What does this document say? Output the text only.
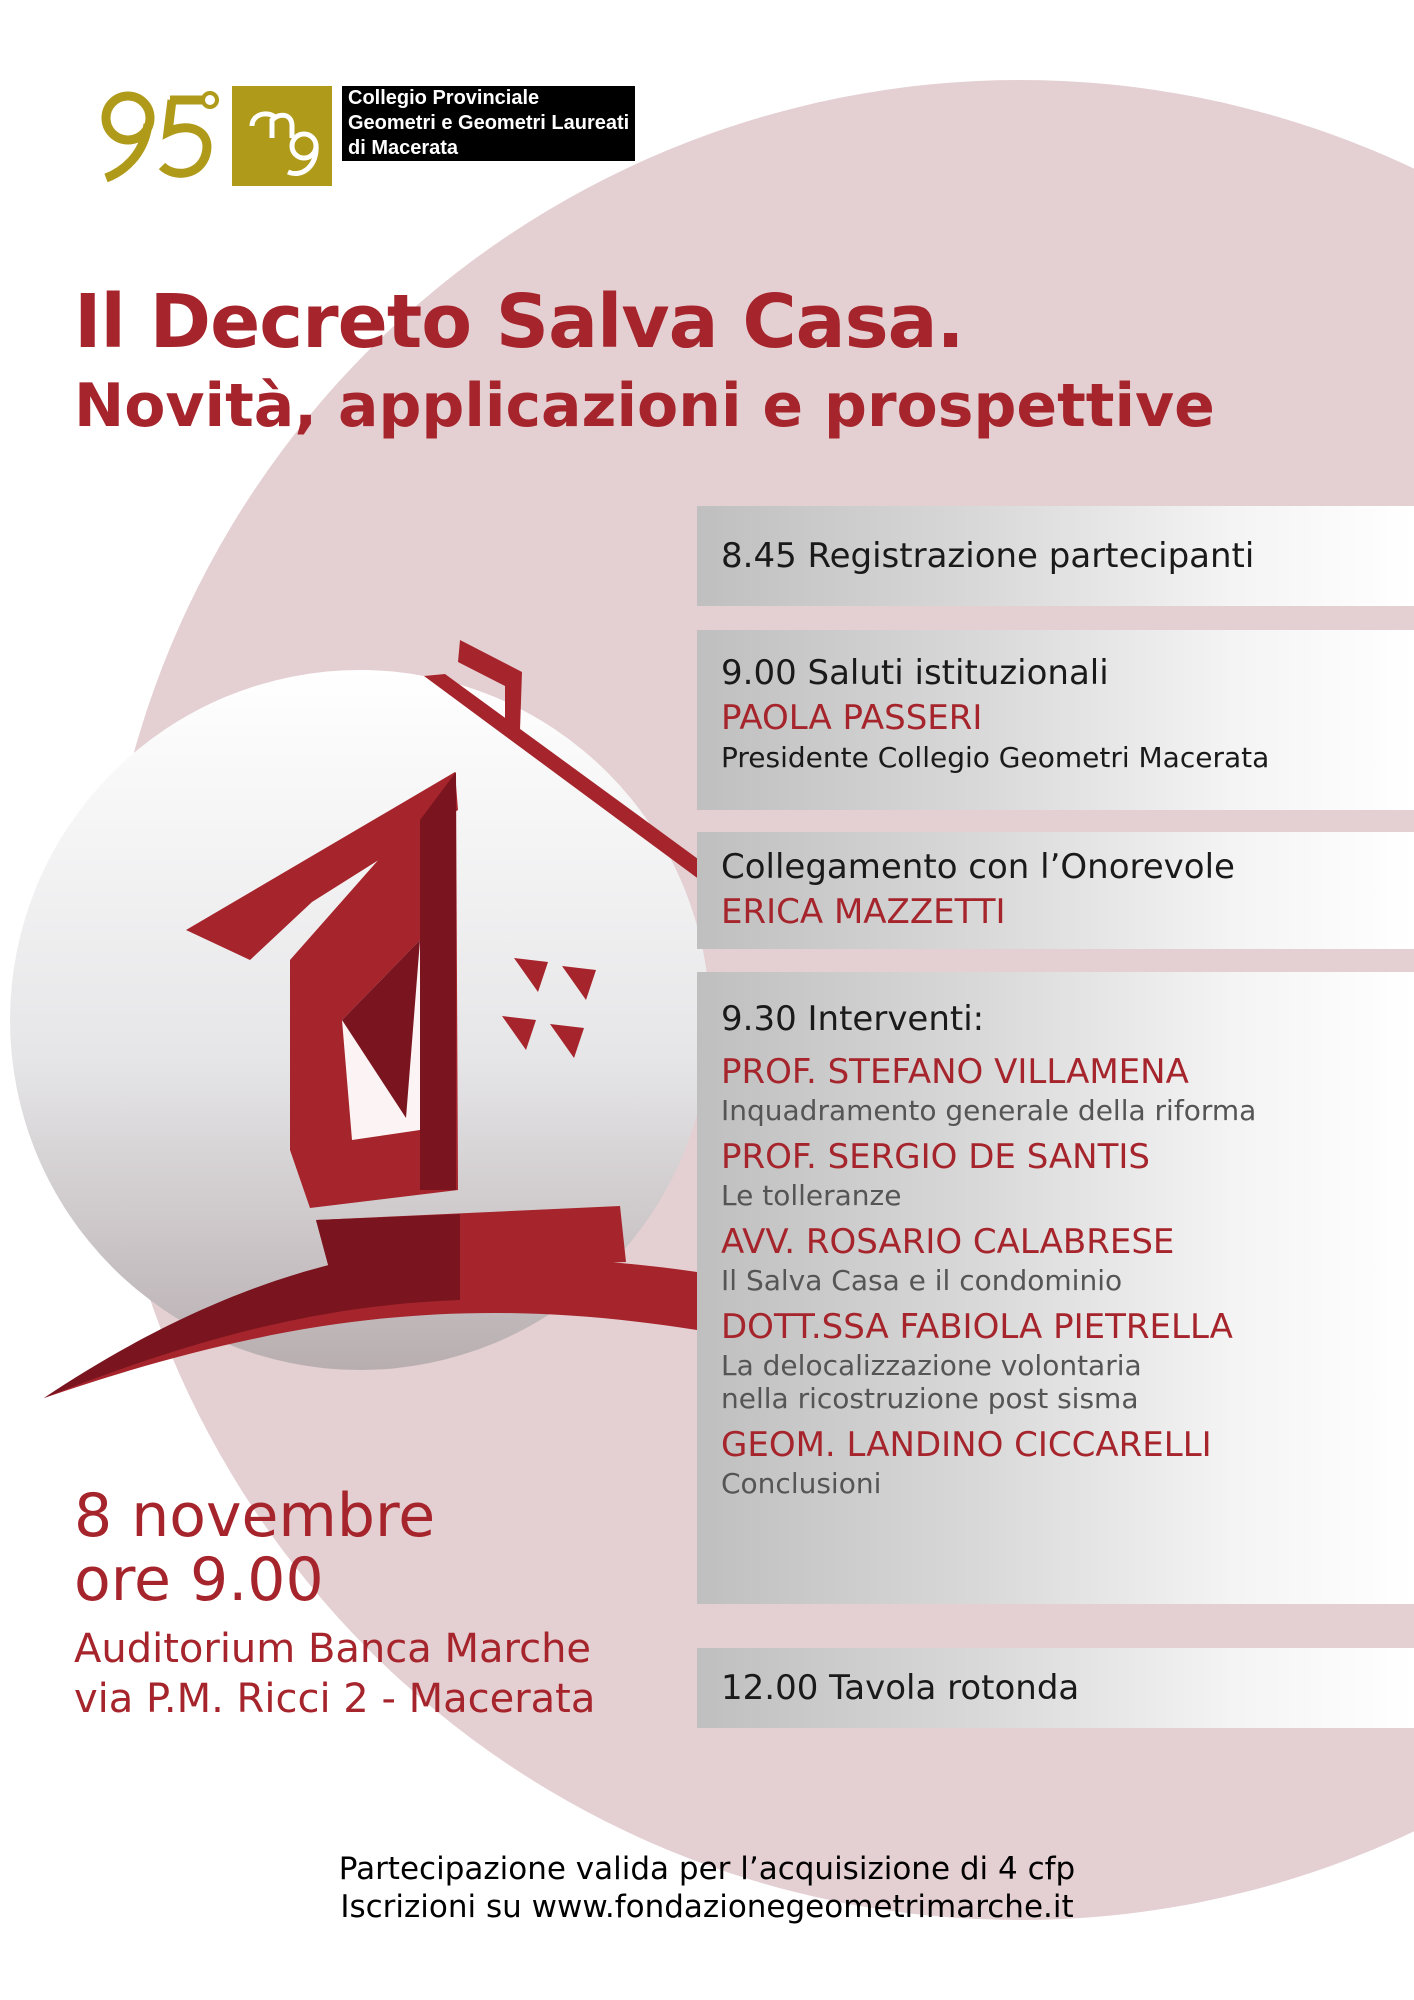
Collegio Provinciale
Geometri e Geometri Laureati
di Macerata
Il Decreto Salva Casa.
Novità, applicazioni e prospettive
8.45 Registrazione partecipanti
9.00 Saluti istituzionali
PAOLA PASSERI
Presidente Collegio Geometri Macerata
Collegamento con l’Onorevole
ERICA MAZZETTI
9.30 Interventi:
PROF. STEFANO VILLAMENA
Inquadramento generale della riforma
PROF. SERGIO DE SANTIS
Le tolleranze
AVV. ROSARIO CALABRESE
Il Salva Casa e il condominio
DOTT.SSA FABIOLA PIETRELLA
La delocalizzazione volontaria
nella ricostruzione post sisma
GEOM. LANDINO CICCARELLI
Conclusioni
12.00 Tavola rotonda
8 novembre
ore 9.00
Auditorium Banca Marche
via P.M. Ricci 2 - Macerata
Partecipazione valida per l’acquisizione di 4 cfp
Iscrizioni su www.fondazionegeometrimarche.it
